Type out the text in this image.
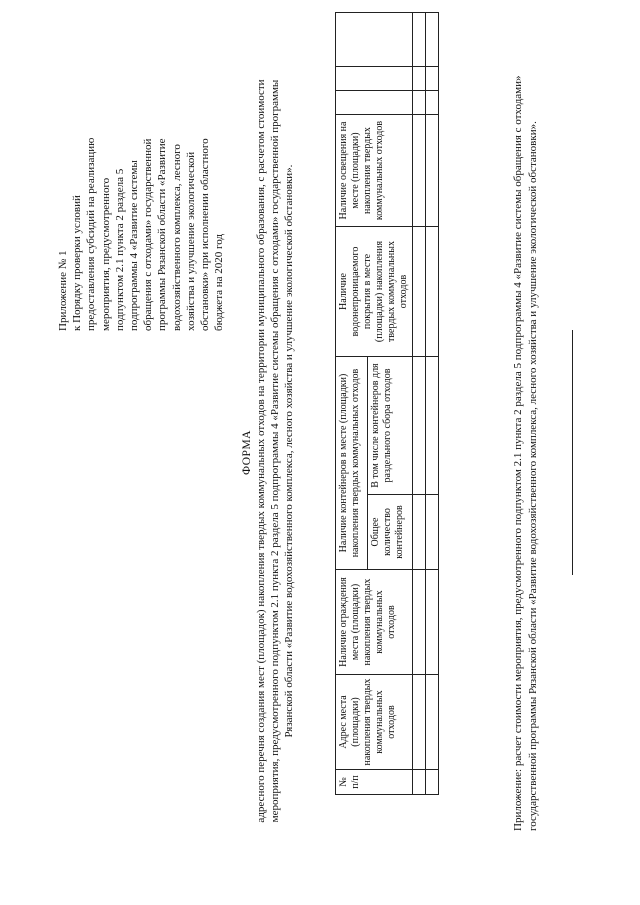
Приложение № 1 к Порядку проверки условий предоставления субсидий на реализацию мероприятия, предусмотренного подпунктом 2.1 пункта 2 раздела 5 подпрограммы 4 «Развитие системы обращения с отходами» государственной программы Рязанской области «Развитие водохозяйственного комплекса, лесного хозяйства и улучшение экологической обстановки» при исполнении областного бюджета на 2020 год
ФОРМА адресного перечня создания мест (площадок) накопления твердых коммунальных отходов на территории муниципального образования, с расчетом стоимости мероприятия, предусмотренного подпунктом 2.1 пункта 2 раздела 5 подпрограммы 4 «Развитие системы обращения с отходами» государственной программы Рязанской области «Развитие водохозяйственного комплекса, лесного хозяйства и улучшение экологической обстановки».
№ п/п	Адрес места (площадки) накопления твердых коммунальных отходов	Наличие ограждения места (площадки) накопления твердых коммунальных отходов	Наличие контейнеров в месте (площадки) накопления твердых коммунальных отходов		Наличие водонепроницаемого покрытия в месте (площадки) накопления твердых коммунальных отходов	Наличие освещения на месте (площадки) накопления твердых коммунальных отходов			
			Общее количество контейнеров	В том числе контейнеров для раздельного сбора отходов					

										Приложение: расчет стоимости мероприятия, предусмотренного подпунктом 2.1 пункта 2 раздела 5 подпрограммы 4 «Развитие системы обращения с отходами» государственной программы Рязанской области «Развитие водохозяйственного комплекса, лесного хозяйства и улучшение экологической обстановки».
